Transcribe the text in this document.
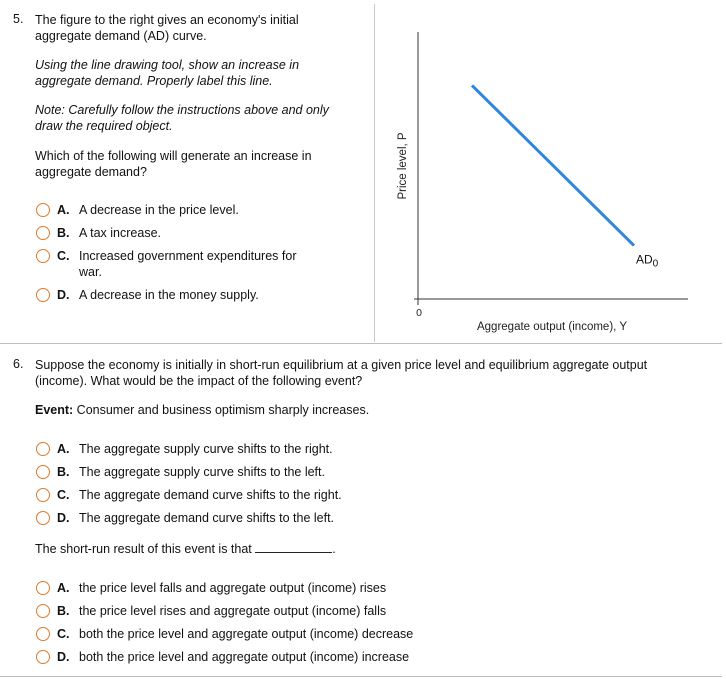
5. The figure to the right gives an economy's initial
aggregate demand (AD) curve.
Using the line drawing tool, show an increase in
aggregate demand. Properly label this line.
Note: Carefully follow the instructions above and only
draw the required object.
Which of the following will generate an increase in
aggregate demand?
A. A decrease in the price level.
B. A tax increase.
C. Increased government expenditures for
war.
D. A decrease in the money supply.
Price level, P
Aggregate output (income), Y
0
$AD_0$
6. Suppose the economy is initially in short-run equilibrium at a given price level and equilibrium aggregate output
(income). What would be the impact of the following event?
Event: Consumer and business optimism sharply increases.
A. The aggregate supply curve shifts to the right.
B. The aggregate supply curve shifts to the left.
C. The aggregate demand curve shifts to the right.
D. The aggregate demand curve shifts to the left.
The short-run result of this event is that	.
A. the price level falls and aggregate output (income) rises
B. the price level rises and aggregate output (income) falls
C. both the price level and aggregate output (income) decrease
D. both the price level and aggregate output (income) increase
